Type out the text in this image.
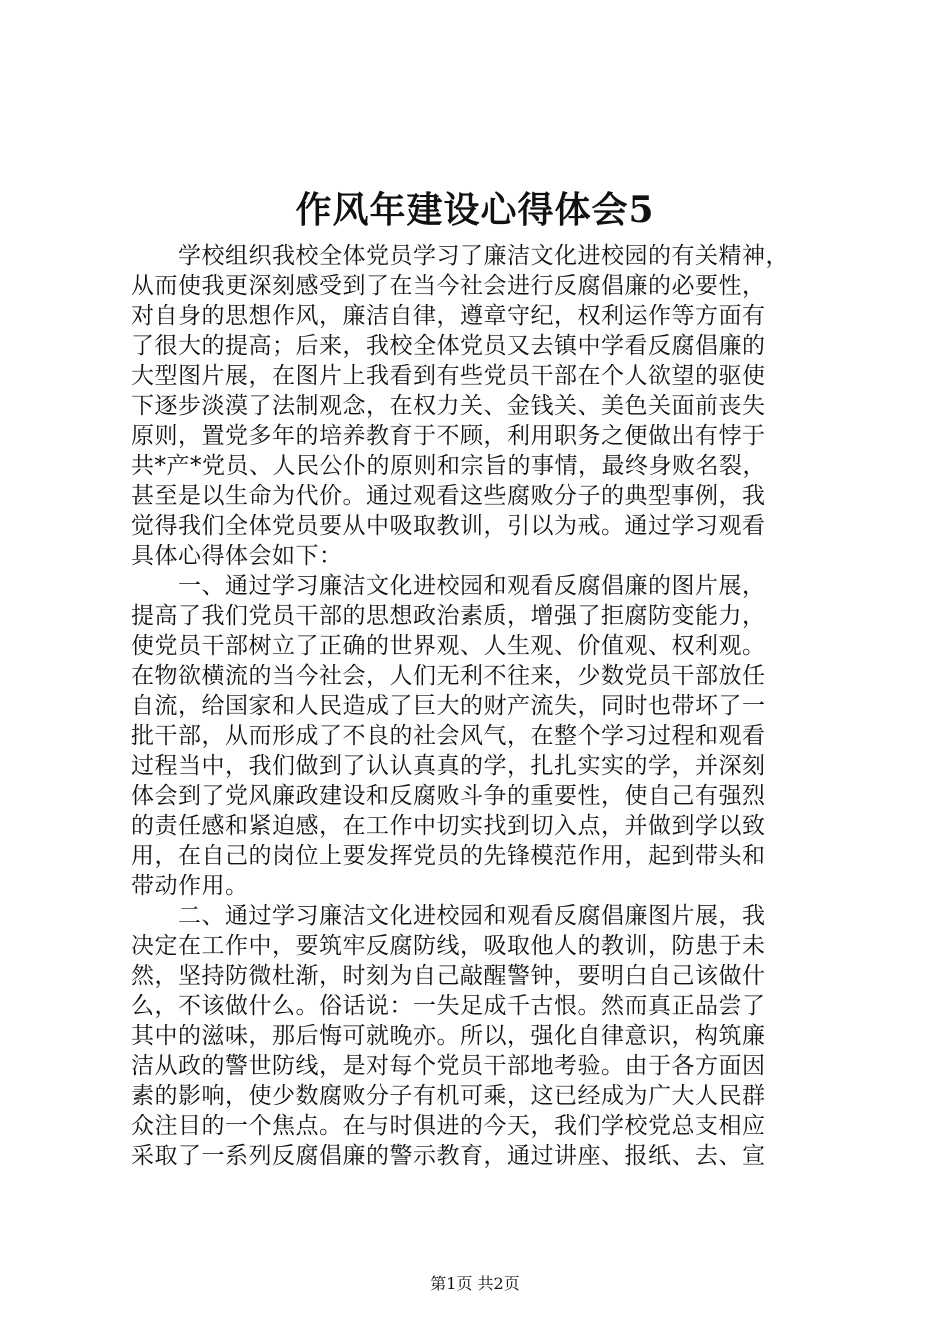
作风年建设心得体会5
　　学校组织我校全体党员学习了廉洁文化进校园的有关精神，
从而使我更深刻感受到了在当今社会进行反腐倡廉的必要性，
对自身的思想作风，廉洁自律，遵章守纪，权利运作等方面有
了很大的提高；后来，我校全体党员又去镇中学看反腐倡廉的
大型图片展，在图片上我看到有些党员干部在个人欲望的驱使
下逐步淡漠了法制观念，在权力关、金钱关、美色关面前丧失
原则，置党多年的培养教育于不顾，利用职务之便做出有悖于
共*产*党员、人民公仆的原则和宗旨的事情，最终身败名裂，
甚至是以生命为代价。通过观看这些腐败分子的典型事例，我
觉得我们全体党员要从中吸取教训，引以为戒。通过学习观看
具体心得体会如下：
　　一、通过学习廉洁文化进校园和观看反腐倡廉的图片展，
提高了我们党员干部的思想政治素质，增强了拒腐防变能力，
使党员干部树立了正确的世界观、人生观、价值观、权利观。
在物欲横流的当今社会，人们无利不往来，少数党员干部放任
自流，给国家和人民造成了巨大的财产流失，同时也带坏了一
批干部，从而形成了不良的社会风气，在整个学习过程和观看
过程当中，我们做到了认认真真的学，扎扎实实的学，并深刻
体会到了党风廉政建设和反腐败斗争的重要性，使自己有强烈
的责任感和紧迫感，在工作中切实找到切入点，并做到学以致
用，在自己的岗位上要发挥党员的先锋模范作用，起到带头和
带动作用。
　　二、通过学习廉洁文化进校园和观看反腐倡廉图片展，我
决定在工作中，要筑牢反腐防线，吸取他人的教训，防患于未
然，坚持防微杜渐，时刻为自己敲醒警钟，要明白自己该做什
么，不该做什么。俗话说：一失足成千古恨。然而真正品尝了
其中的滋味，那后悔可就晚亦。所以，强化自律意识，构筑廉
洁从政的警世防线，是对每个党员干部地考验。由于各方面因
素的影响，使少数腐败分子有机可乘，这已经成为广大人民群
众注目的一个焦点。在与时俱进的今天，我们学校党总支相应
采取了一系列反腐倡廉的警示教育，通过讲座、报纸、去、宣
第1页 共2页
